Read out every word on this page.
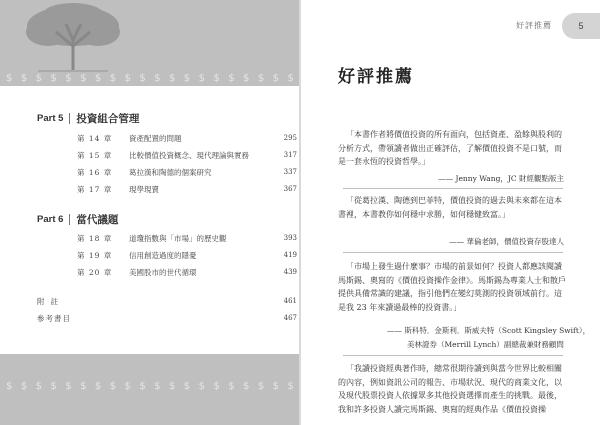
$ $ $ $ $ $ $ $ $ $ $ $ $ $ $ $ $ $ $ $
Part 5 投資組合管理
第 14 章	資產配置的問題	295
第 15 章	比較價值投資概念、現代理論與實務	317
第 16 章	葛拉漢和陶德的個案研究	337
第 17 章	現學現賣	367
Part 6 當代議題
第 18 章	道瓊指數與「市場」的歷史觀	393
第 19 章	信用創造過度的隱憂	419
第 20 章	美國股市的世代循環	439
附註	461
參考書目	467
$ $ $ $ $ $ $ $ $ $ $ $ $ $ $ $ $ $ $ $
好評推薦	5
好評推薦

「本書作者將價值投資的所有面向，包括資產、盈餘與股利的分析方式，帶領讀者做出正確評估，了解價值投資不是口號，而是一套永恆的投資哲學。」

—— Jenny Wang，JC 財經觀點版主

「從葛拉漢、陶德到巴菲特，價值投資的過去與未來都在這本書裡，本書教你如何穩中求勝，如何穩健致富。」

—— 華倫老師，價值投資存股達人

「市場上發生過什麼事？市場的前景如何？投資人都應該閱讀馬斯錫、奧寫的《價值投資操作金律》。馬斯錫為專業人士和散戶提供具備常識的建議，指引他們在變幻莫測的投資領域前行。這是我 23 年來讀過最棒的投資書。」

—— 斯科特．金斯利．斯威夫特（Scott Kingsley Swift），
美林證券（Merrill Lynch）副總裁兼財務顧問

「我讀投資經典著作時，總常很期待讀到與當今世界比較相關的內容，例如資訊公司的報告、市場狀況、現代的商業文化，以及現代股票投資人依據眾多其他投資選擇而產生的挑戰。最後，我和許多投資人讀完馬斯錫、奧寫的經典作品《價值投資操
